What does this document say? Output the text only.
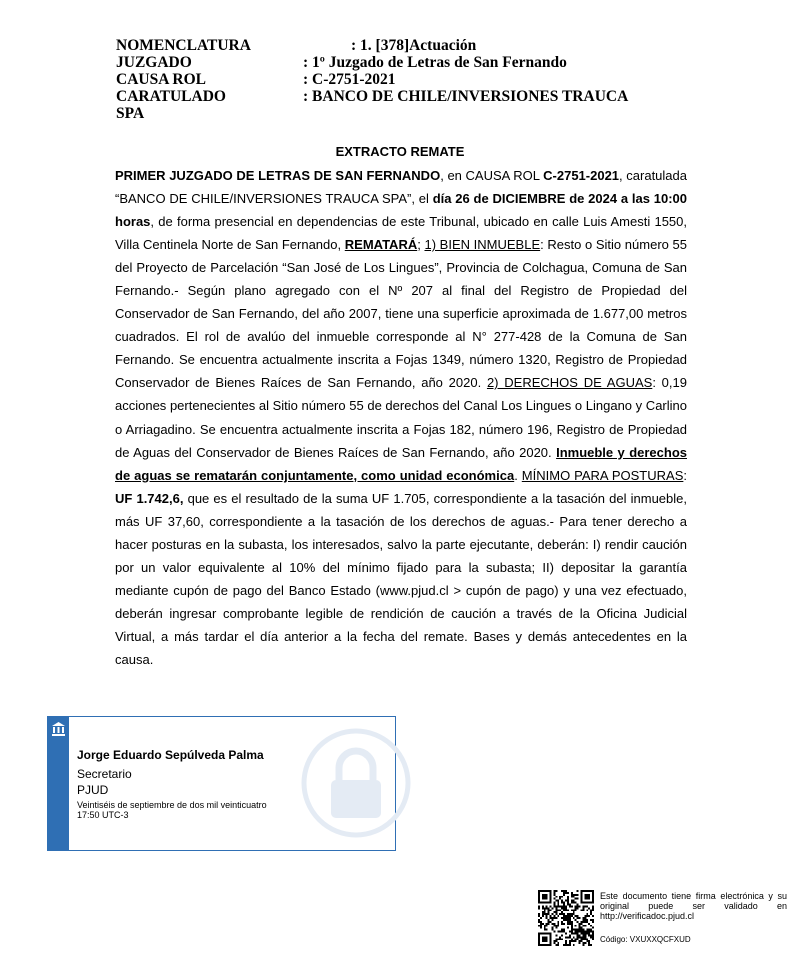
NOMENCLATURA	: 1. [378]Actuación
JUZGADO	: 1º Juzgado de Letras de San Fernando
CAUSA ROL	: C-2751-2021
CARATULADO	: BANCO DE CHILE/INVERSIONES TRAUCA
SPA
EXTRACTO REMATE
PRIMER JUZGADO DE LETRAS DE SAN FERNANDO, en CAUSA ROL C-2751-2021, caratulada “BANCO DE CHILE/INVERSIONES TRAUCA SPA”, el día 26 de DICIEMBRE de 2024 a las 10:00 horas, de forma presencial en dependencias de este Tribunal, ubicado en calle Luis Amesti 1550, Villa Centinela Norte de San Fernando, REMATARÁ; 1) BIEN INMUEBLE: Resto o Sitio número 55 del Proyecto de Parcelación “San José de Los Lingues”, Provincia de Colchagua, Comuna de San Fernando.- Según plano agregado con el Nº 207 al final del Registro de Propiedad del Conservador de San Fernando, del año 2007, tiene una superficie aproximada de 1.677,00 metros cuadrados. El rol de avalúo del inmueble corresponde al N° 277-428 de la Comuna de San Fernando. Se encuentra actualmente inscrita a Fojas 1349, número 1320, Registro de Propiedad Conservador de Bienes Raíces de San Fernando, año 2020. 2) DERECHOS DE AGUAS: 0,19 acciones pertenecientes al Sitio número 55 de derechos del Canal Los Lingues o Lingano y Carlino o Arriagadino. Se encuentra actualmente inscrita a Fojas 182, número 196, Registro de Propiedad de Aguas del Conservador de Bienes Raíces de San Fernando, año 2020. Inmueble y derechos de aguas se rematarán conjuntamente, como unidad económica. MÍNIMO PARA POSTURAS: UF 1.742,6, que es el resultado de la suma UF 1.705, correspondiente a la tasación del inmueble, más UF 37,60, correspondiente a la tasación de los derechos de aguas.- Para tener derecho a hacer posturas en la subasta, los interesados, salvo la parte ejecutante, deberán: I) rendir caución por un valor equivalente al 10% del mínimo fijado para la subasta; II) depositar la garantía mediante cupón de pago del Banco Estado (www.pjud.cl > cupón de pago) y una vez efectuado, deberán ingresar comprobante legible de rendición de caución a través de la Oficina Judicial Virtual, a más tardar el día anterior a la fecha del remate. Bases y demás antecedentes en la causa.
Jorge Eduardo Sepúlveda Palma
Secretario
PJUD
Veintiséis de septiembre de dos mil veinticuatro
17:50 UTC-3
Este documento tiene firma electrónica y su original puede ser validado en http://verificadoc.pjud.cl
Código: VXUXXQCFXUD
